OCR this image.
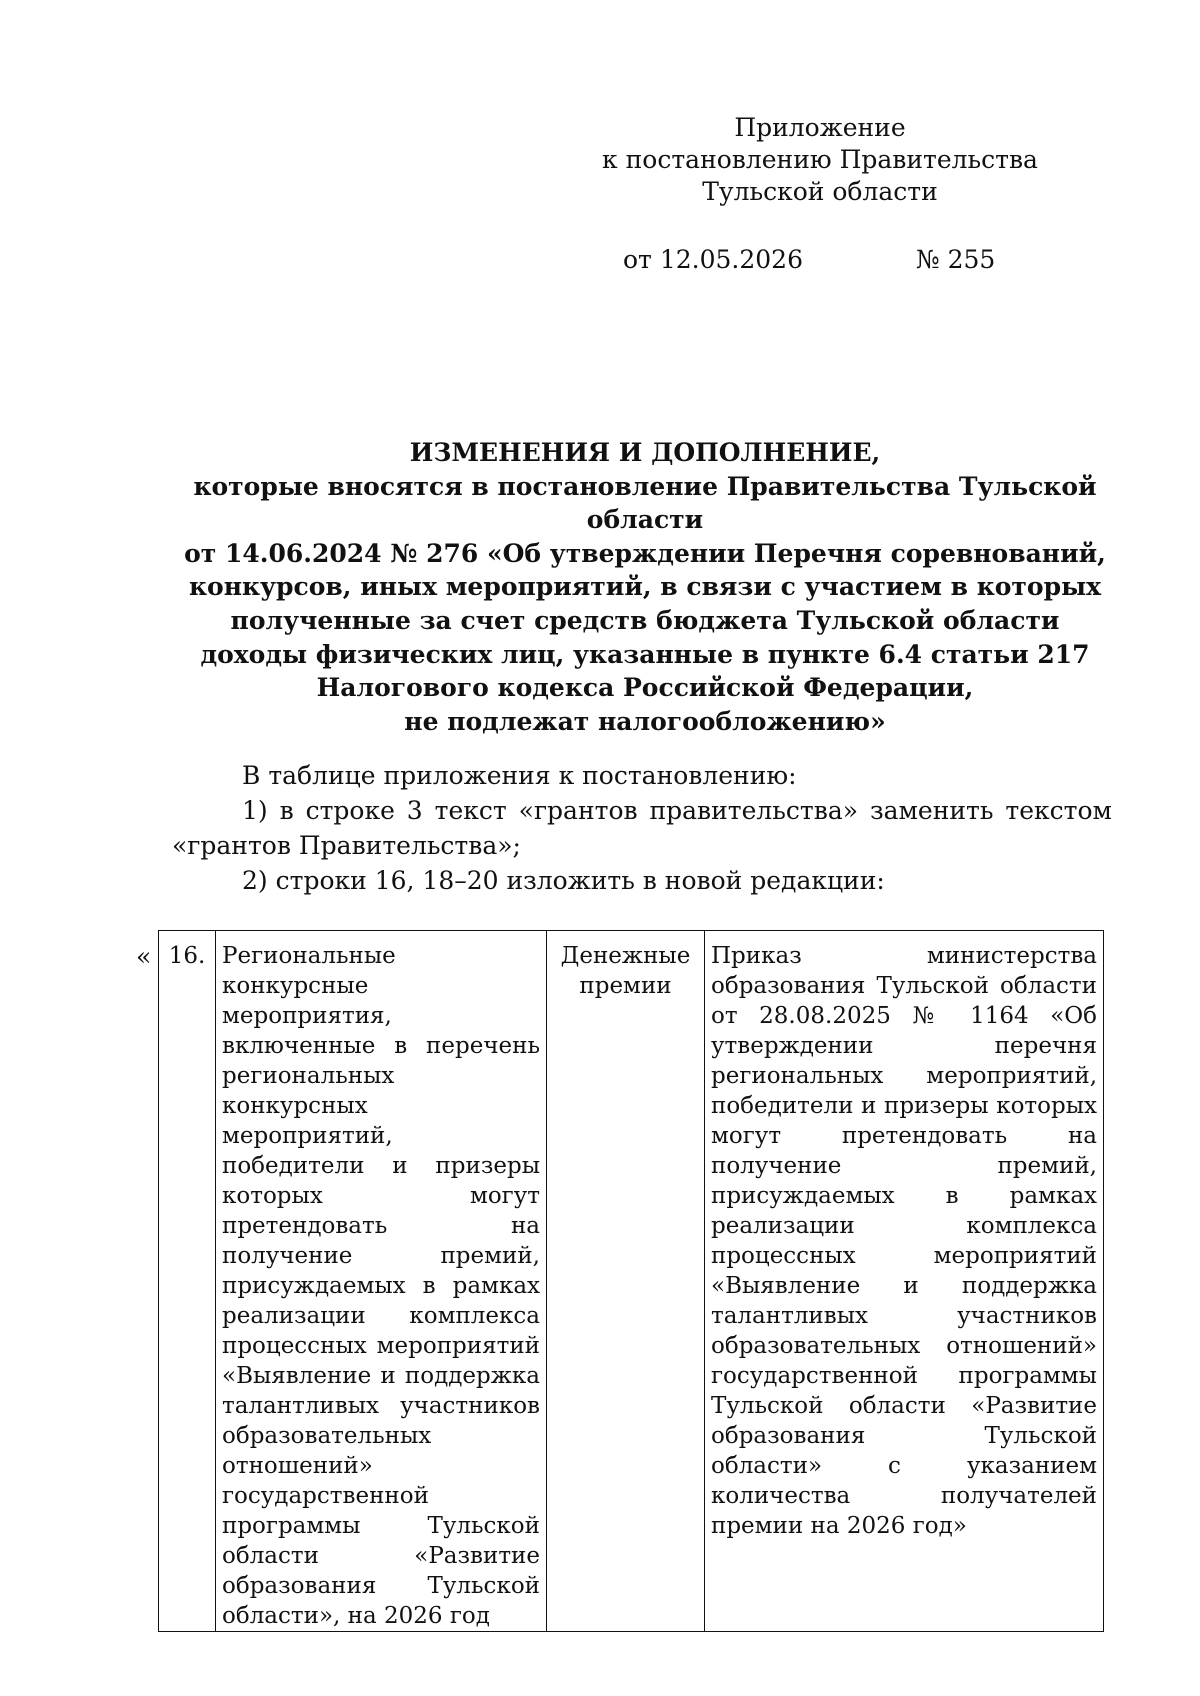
Приложение
к постановлению Правительства
Тульской области
от 12.05.2026	№ 255
ИЗМЕНЕНИЯ И ДОПОЛНЕНИЕ,
которые вносятся в постановление Правительства Тульской области
от 14.06.2024 № 276 «Об утверждении Перечня соревнований,
конкурсов, иных мероприятий, в связи с участием в которых
полученные за счет средств бюджета Тульской области
доходы физических лиц, указанные в пункте 6.4 статьи 217
Налогового кодекса Российской Федерации,
не подлежат налогообложению»

В таблице приложения к постановлению:

1) в строке 3 текст «грантов правительства» заменить текстом «грантов Правительства»;

2) строки 16, 18–20 изложить в новой редакции:

« 16.	Региональные конкурсные мероприятия, включенные в перечень региональных конкурсных мероприятий, победители и призеры которых могут претендовать на получение премий, присуждаемых в рамках реализации комплекса процессных мероприятий «Выявление и поддержка талантливых участников образовательных отношений» государственной программы Тульской области «Развитие образования Тульской области», на 2026 год	Денежные премии	Приказ министерства образования Тульской области от 28.08.2025 № 1164 «Об утверждении перечня региональных мероприятий, победители и призеры которых могут претендовать на получение премий, присуждаемых в рамках реализации комплекса процессных мероприятий «Выявление и поддержка талантливых участников образовательных отношений» государственной программы Тульской области «Развитие образования Тульской области» с указанием количества получателей премии на 2026 год»
